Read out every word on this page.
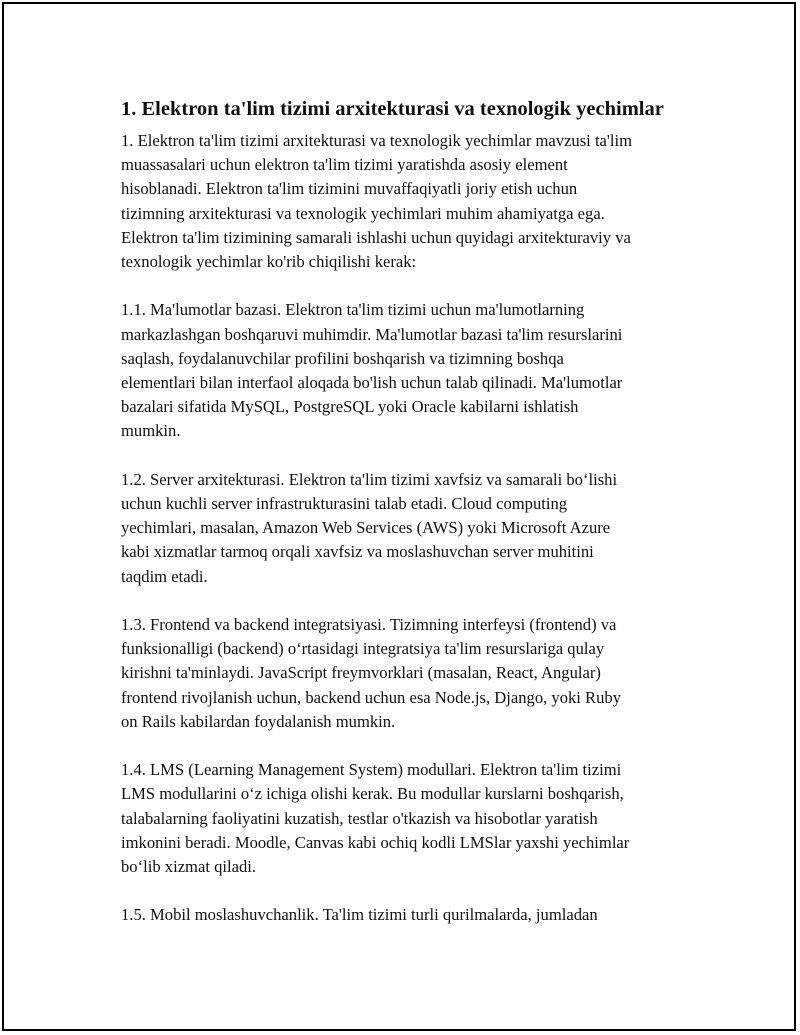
1. Elektron ta'lim tizimi arxitekturasi va texnologik yechimlar

1. Elektron ta'lim tizimi arxitekturasi va texnologik yechimlar mavzusi ta'lim
muassasalari uchun elektron ta'lim tizimi yaratishda asosiy element
hisoblanadi. Elektron ta'lim tizimini muvaffaqiyatli joriy etish uchun
tizimning arxitekturasi va texnologik yechimlari muhim ahamiyatga ega.
Elektron ta'lim tizimining samarali ishlashi uchun quyidagi arxitekturaviy va
texnologik yechimlar ko'rib chiqilishi kerak:

1.1. Ma'lumotlar bazasi. Elektron ta'lim tizimi uchun ma'lumotlarning
markazlashgan boshqaruvi muhimdir. Ma'lumotlar bazasi ta'lim resurslarini
saqlash, foydalanuvchilar profilini boshqarish va tizimning boshqa
elementlari bilan interfaol aloqada bo'lish uchun talab qilinadi. Ma'lumotlar
bazalari sifatida MySQL, PostgreSQL yoki Oracle kabilarni ishlatish
mumkin.

1.2. Server arxitekturasi. Elektron ta'lim tizimi xavfsiz va samarali boʻlishi
uchun kuchli server infrastrukturasini talab etadi. Cloud computing
yechimlari, masalan, Amazon Web Services (AWS) yoki Microsoft Azure
kabi xizmatlar tarmoq orqali xavfsiz va moslashuvchan server muhitini
taqdim etadi.

1.3. Frontend va backend integratsiyasi. Tizimning interfeysi (frontend) va
funksionalligi (backend) oʻrtasidagi integratsiya ta'lim resurslariga qulay
kirishni ta'minlaydi. JavaScript freymvorklari (masalan, React, Angular)
frontend rivojlanish uchun, backend uchun esa Node.js, Django, yoki Ruby
on Rails kabilardan foydalanish mumkin.

1.4. LMS (Learning Management System) modullari. Elektron ta'lim tizimi
LMS modullarini oʻz ichiga olishi kerak. Bu modullar kurslarni boshqarish,
talabalarning faoliyatini kuzatish, testlar o'tkazish va hisobotlar yaratish
imkonini beradi. Moodle, Canvas kabi ochiq kodli LMSlar yaxshi yechimlar
boʻlib xizmat qiladi.

1.5. Mobil moslashuvchanlik. Ta'lim tizimi turli qurilmalarda, jumladan
